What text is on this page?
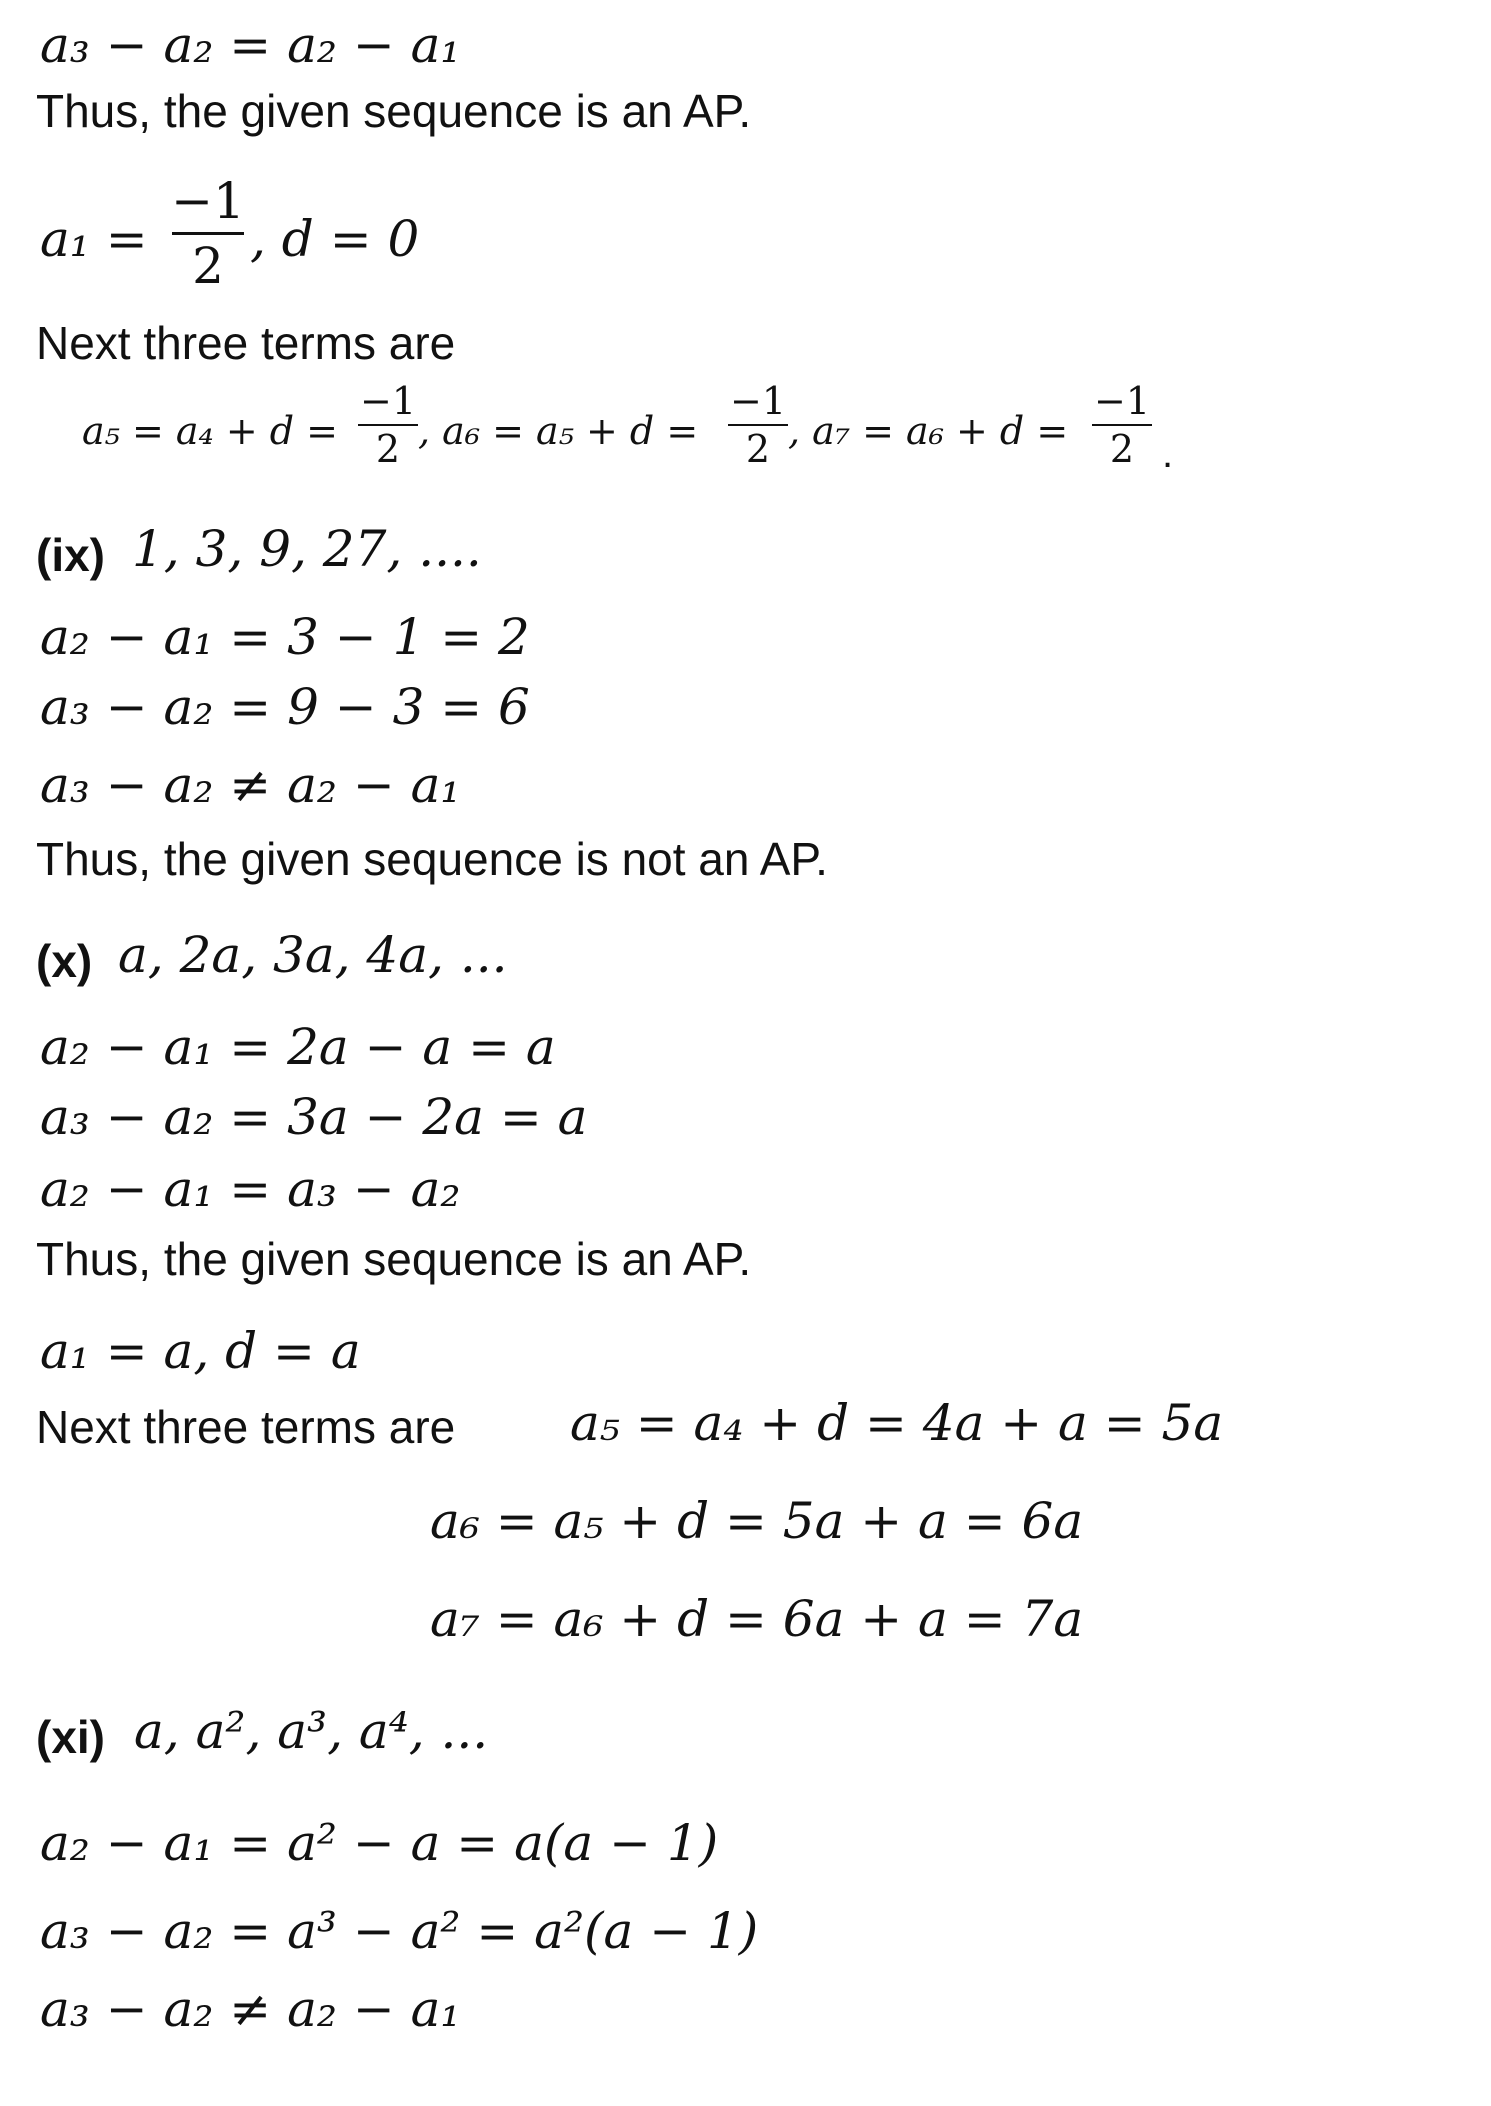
a₃ − a₂ = a₂ − a₁
Thus, the given sequence is an AP.
a₁ =
−1
2 , d = 0
Next three terms are
a₅ = a₄ + d =
−1
2 , a₆ = a₅ + d =
−1
2 , a₇ = a₆ + d =
−1
2 .
(ix) 1, 3, 9, 27, ....
a₂ − a₁ = 3 − 1 = 2
a₃ − a₂ = 9 − 3 = 6
a₃ − a₂ ≠ a₂ − a₁
Thus, the given sequence is not an AP.
(x) a, 2a, 3a, 4a, ...
a₂ − a₁ = 2a − a = a
a₃ − a₂ = 3a − 2a = a
a₂ − a₁ = a₃ − a₂
Thus, the given sequence is an AP.
a₁ = a, d = a
Next three terms are a₅ = a₄ + d = 4a + a = 5a
a₆ = a₅ + d = 5a + a = 6a
a₇ = a₆ + d = 6a + a = 7a
(xi) a, a², a³, a⁴, ...
a₂ − a₁ = a² − a = a(a − 1)
a₃ − a₂ = a³ − a² = a²(a − 1)
a₃ − a₂ ≠ a₂ − a₁
